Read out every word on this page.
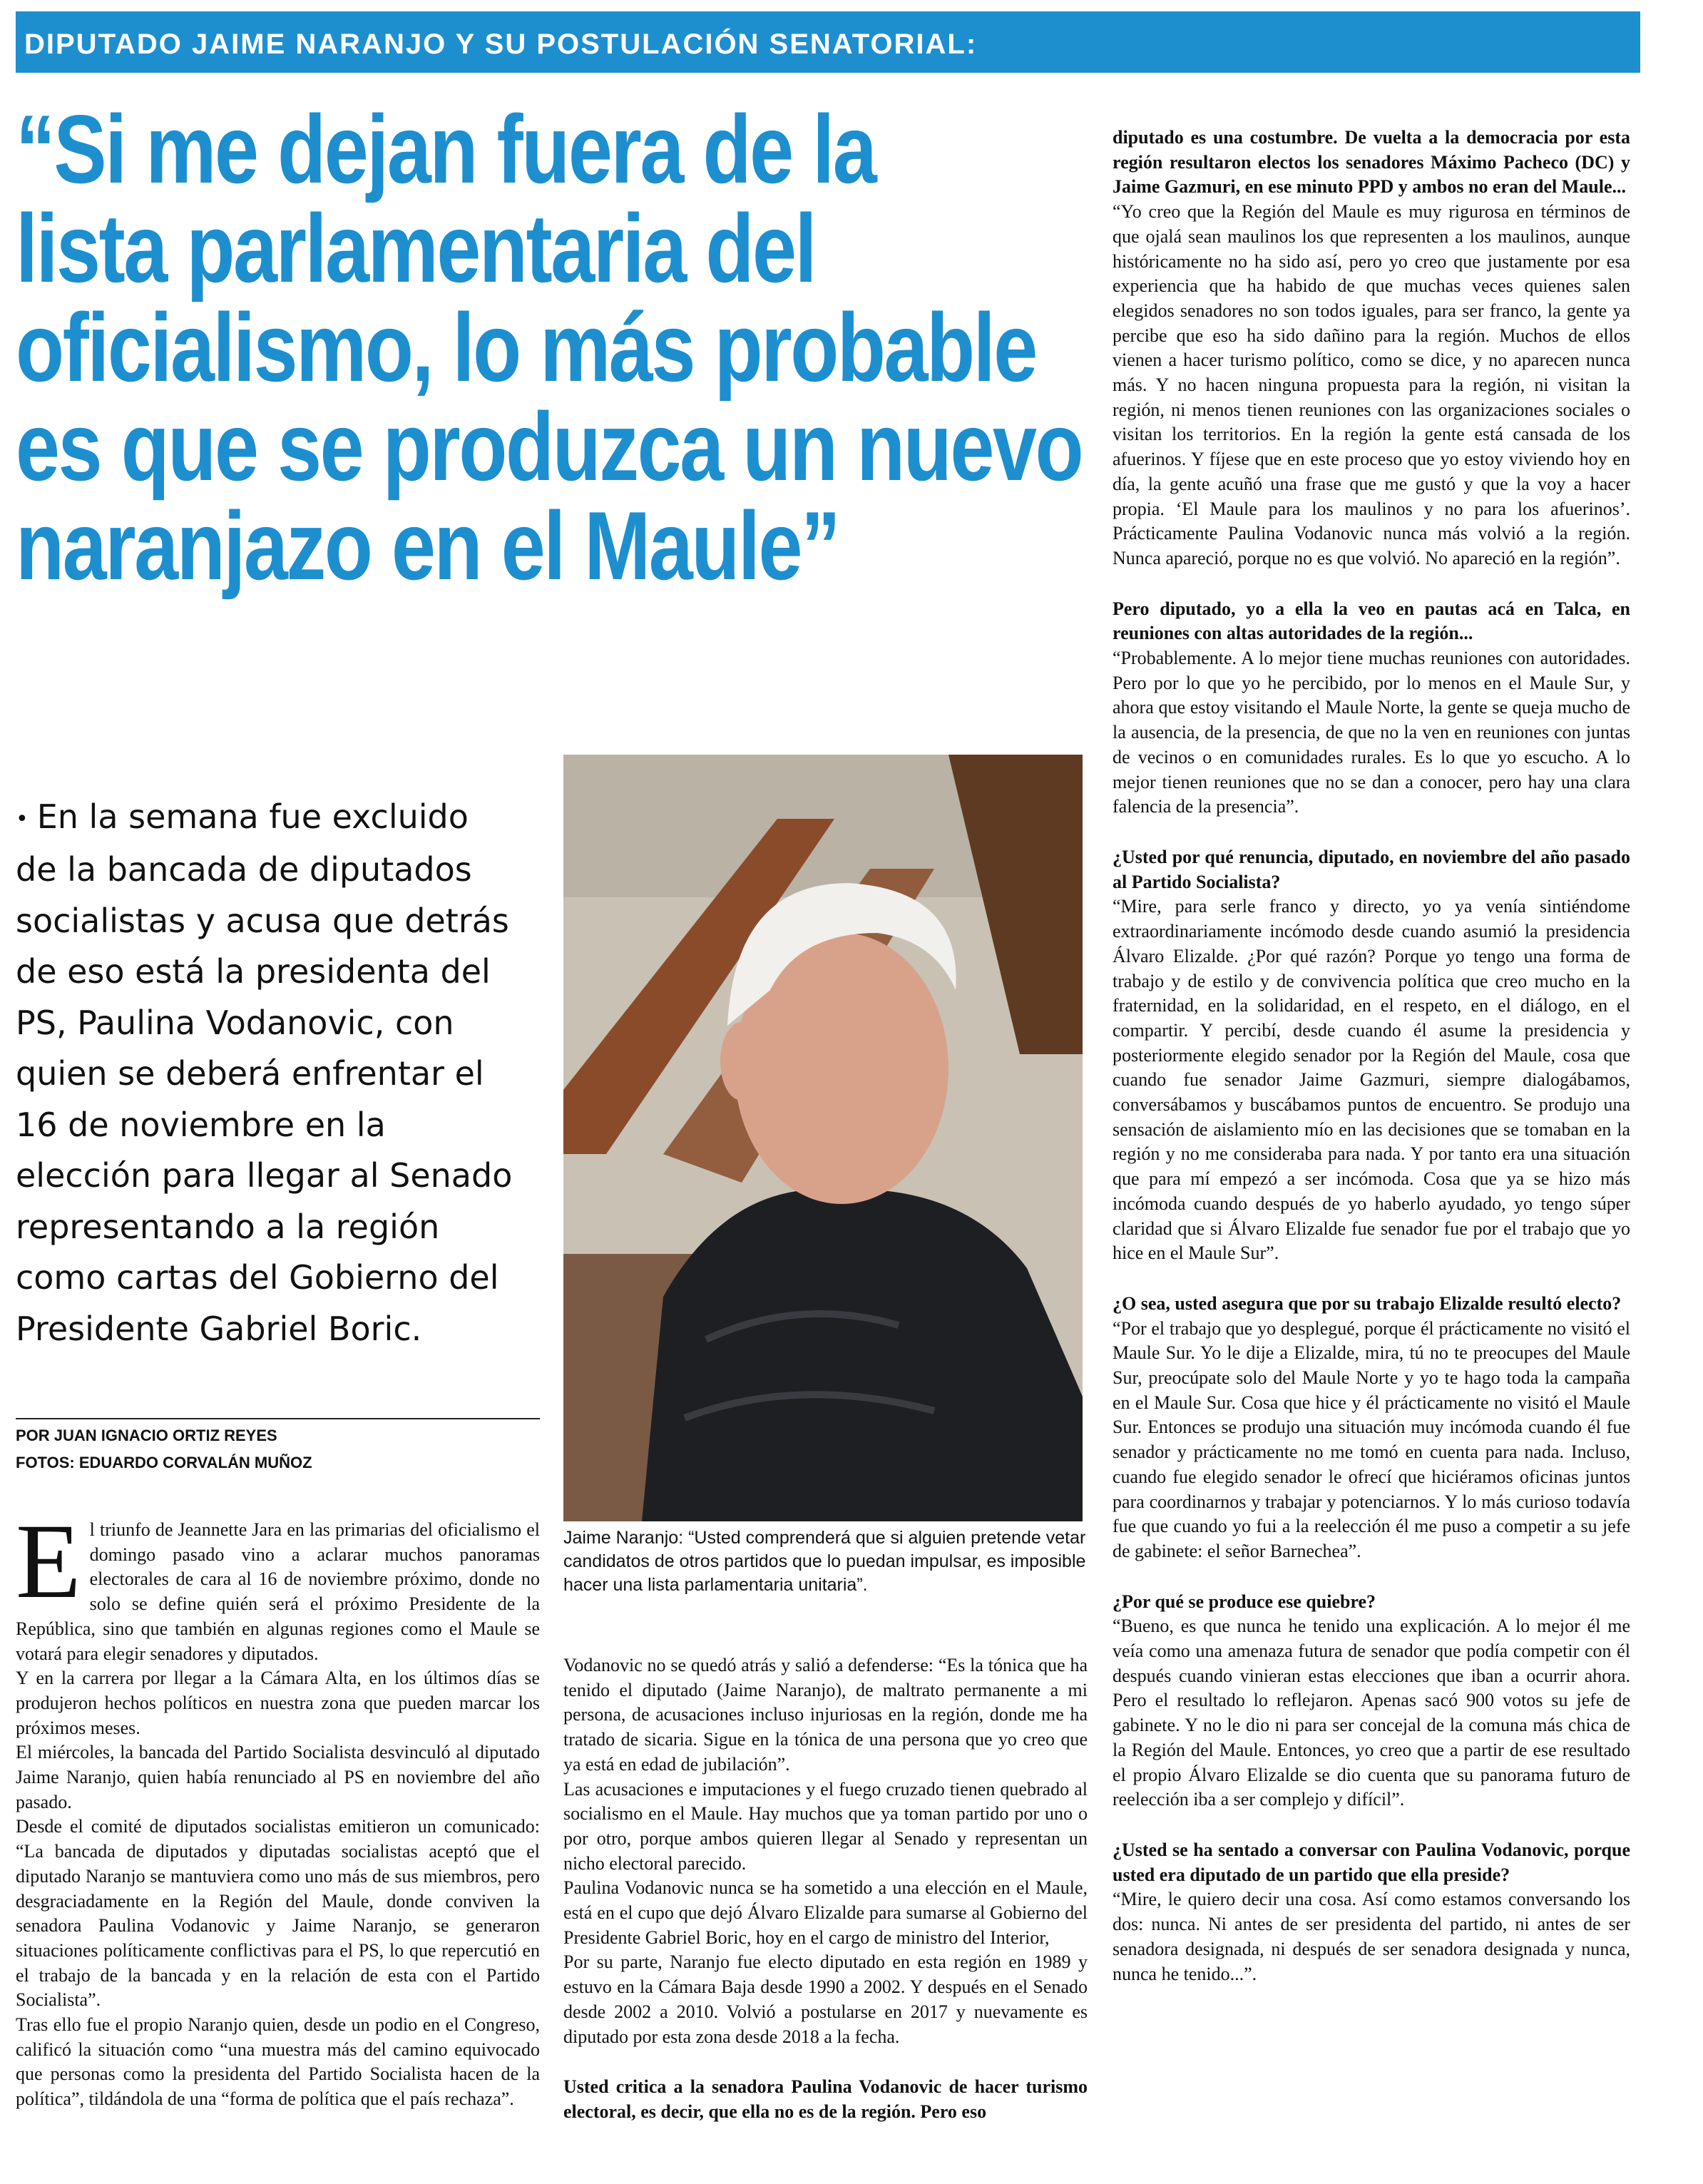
DIPUTADO JAIME NARANJO Y SU POSTULACIÓN SENATORIAL:
“Si me dejan fuera de la
lista parlamentaria del
oficialismo, lo más probable
es que se produzca un nuevo
naranjazo en el Maule”
• En la semana fue excluido de la bancada de diputados socialistas y acusa que detrás de eso está la presidenta del PS, Paulina Vodanovic, con quien se deberá enfrentar el 16 de noviembre en la elección para llegar al Senado representando a la región como cartas del Gobierno del Presidente Gabriel Boric.
POR JUAN IGNACIO ORTIZ REYES
FOTOS: EDUARDO CORVALÁN MUÑOZ
Jaime Naranjo: “Usted comprenderá que si alguien pretende vetar candidatos de otros partidos que lo puedan impulsar, es imposible hacer una lista parlamentaria unitaria”.

El triunfo de Jeannette Jara en las primarias del oficialismo el domingo pasado vino a aclarar muchos panoramas electorales de cara al 16 de noviembre próximo, donde no solo se define quién será el próximo Presidente de la República, sino que también en algunas regiones como el Maule se votará para elegir senadores y diputados.

Y en la carrera por llegar a la Cámara Alta, en los últimos días se produjeron hechos políticos en nuestra zona que pueden marcar los próximos meses.

El miércoles, la bancada del Partido Socialista desvinculó al diputado Jaime Naranjo, quien había renunciado al PS en noviembre del año pasado.

Desde el comité de diputados socialistas emitieron un comunicado: “La bancada de diputados y diputadas socialistas aceptó que el diputado Naranjo se mantuviera como uno más de sus miembros, pero desgraciadamente en la Región del Maule, donde conviven la senadora Paulina Vodanovic y Jaime Naranjo, se generaron situaciones políticamente conflictivas para el PS, lo que repercutió en el trabajo de la bancada y en la relación de esta con el Partido Socialista”.

Tras ello fue el propio Naranjo quien, desde un podio en el Congreso, calificó la situación como “una muestra más del camino equivocado que personas como la presidenta del Partido Socialista hacen de la política”, tildándola de una “forma de política que el país rechaza”.

Vodanovic no se quedó atrás y salió a defenderse: “Es la tónica que ha tenido el diputado (Jaime Naranjo), de maltrato permanente a mi persona, de acusaciones incluso injuriosas en la región, donde me ha tratado de sicaria. Sigue en la tónica de una persona que yo creo que ya está en edad de jubilación”.

Las acusaciones e imputaciones y el fuego cruzado tienen quebrado al socialismo en el Maule. Hay muchos que ya toman partido por uno o por otro, porque ambos quieren llegar al Senado y representan un nicho electoral parecido.

Paulina Vodanovic nunca se ha sometido a una elección en el Maule, está en el cupo que dejó Álvaro Elizalde para sumarse al Gobierno del Presidente Gabriel Boric, hoy en el cargo de ministro del Interior,

Por su parte, Naranjo fue electo diputado en esta región en 1989 y estuvo en la Cámara Baja desde 1990 a 2002. Y después en el Senado desde 2002 a 2010. Volvió a postularse en 2017 y nuevamente es diputado por esta zona desde 2018 a la fecha.

Usted critica a la senadora Paulina Vodanovic de hacer turismo electoral, es decir, que ella no es de la región. Pero eso

diputado es una costumbre. De vuelta a la democracia por esta región resultaron electos los senadores Máximo Pacheco (DC) y Jaime Gazmuri, en ese minuto PPD y ambos no eran del Maule...

“Yo creo que la Región del Maule es muy rigurosa en términos de que ojalá sean maulinos los que representen a los maulinos, aunque históricamente no ha sido así, pero yo creo que justamente por esa experiencia que ha habido de que muchas veces quienes salen elegidos senadores no son todos iguales, para ser franco, la gente ya percibe que eso ha sido dañino para la región. Muchos de ellos vienen a hacer turismo político, como se dice, y no aparecen nunca más. Y no hacen ninguna propuesta para la región, ni visitan la región, ni menos tienen reuniones con las organizaciones sociales o visitan los territorios. En la región la gente está cansada de los afuerinos. Y fíjese que en este proceso que yo estoy viviendo hoy en día, la gente acuñó una frase que me gustó y que la voy a hacer propia. ‘El Maule para los maulinos y no para los afuerinos’. Prácticamente Paulina Vodanovic nunca más volvió a la región. Nunca apareció, porque no es que volvió. No apareció en la región”.

Pero diputado, yo a ella la veo en pautas acá en Talca, en reuniones con altas autoridades de la región...

“Probablemente. A lo mejor tiene muchas reuniones con autoridades. Pero por lo que yo he percibido, por lo menos en el Maule Sur, y ahora que estoy visitando el Maule Norte, la gente se queja mucho de la ausencia, de la presencia, de que no la ven en reuniones con juntas de vecinos o en comunidades rurales. Es lo que yo escucho. A lo mejor tienen reuniones que no se dan a conocer, pero hay una clara falencia de la presencia”.

¿Usted por qué renuncia, diputado, en noviembre del año pasado al Partido Socialista?

“Mire, para serle franco y directo, yo ya venía sintiéndome extraordinariamente incómodo desde cuando asumió la presidencia Álvaro Elizalde. ¿Por qué razón? Porque yo tengo una forma de trabajo y de estilo y de convivencia política que creo mucho en la fraternidad, en la solidaridad, en el respeto, en el diálogo, en el compartir. Y percibí, desde cuando él asume la presidencia y posteriormente elegido senador por la Región del Maule, cosa que cuando fue senador Jaime Gazmuri, siempre dialogábamos, conversábamos y buscábamos puntos de encuentro. Se produjo una sensación de aislamiento mío en las decisiones que se tomaban en la región y no me consideraba para nada. Y por tanto era una situación que para mí empezó a ser incómoda. Cosa que ya se hizo más incómoda cuando después de yo haberlo ayudado, yo tengo súper claridad que si Álvaro Elizalde fue senador fue por el trabajo que yo hice en el Maule Sur”.

¿O sea, usted asegura que por su trabajo Elizalde resultó electo?

“Por el trabajo que yo desplegué, porque él prácticamente no visitó el Maule Sur. Yo le dije a Elizalde, mira, tú no te preocupes del Maule Sur, preocúpate solo del Maule Norte y yo te hago toda la campaña en el Maule Sur. Cosa que hice y él prácticamente no visitó el Maule Sur. Entonces se produjo una situación muy incómoda cuando él fue senador y prácticamente no me tomó en cuenta para nada. Incluso, cuando fue elegido senador le ofrecí que hiciéramos oficinas juntos para coordinarnos y trabajar y potenciarnos. Y lo más curioso todavía fue que cuando yo fui a la reelección él me puso a competir a su jefe de gabinete: el señor Barnechea”.

¿Por qué se produce ese quiebre?

“Bueno, es que nunca he tenido una explicación. A lo mejor él me veía como una amenaza futura de senador que podía competir con él después cuando vinieran estas elecciones que iban a ocurrir ahora. Pero el resultado lo reflejaron. Apenas sacó 900 votos su jefe de gabinete. Y no le dio ni para ser concejal de la comuna más chica de la Región del Maule. Entonces, yo creo que a partir de ese resultado el propio Álvaro Elizalde se dio cuenta que su panorama futuro de reelección iba a ser complejo y difícil”.

¿Usted se ha sentado a conversar con Paulina Vodanovic, porque usted era diputado de un partido que ella preside?

“Mire, le quiero decir una cosa. Así como estamos conversando los dos: nunca. Ni antes de ser presidenta del partido, ni antes de ser senadora designada, ni después de ser senadora designada y nunca, nunca he tenido...”.
